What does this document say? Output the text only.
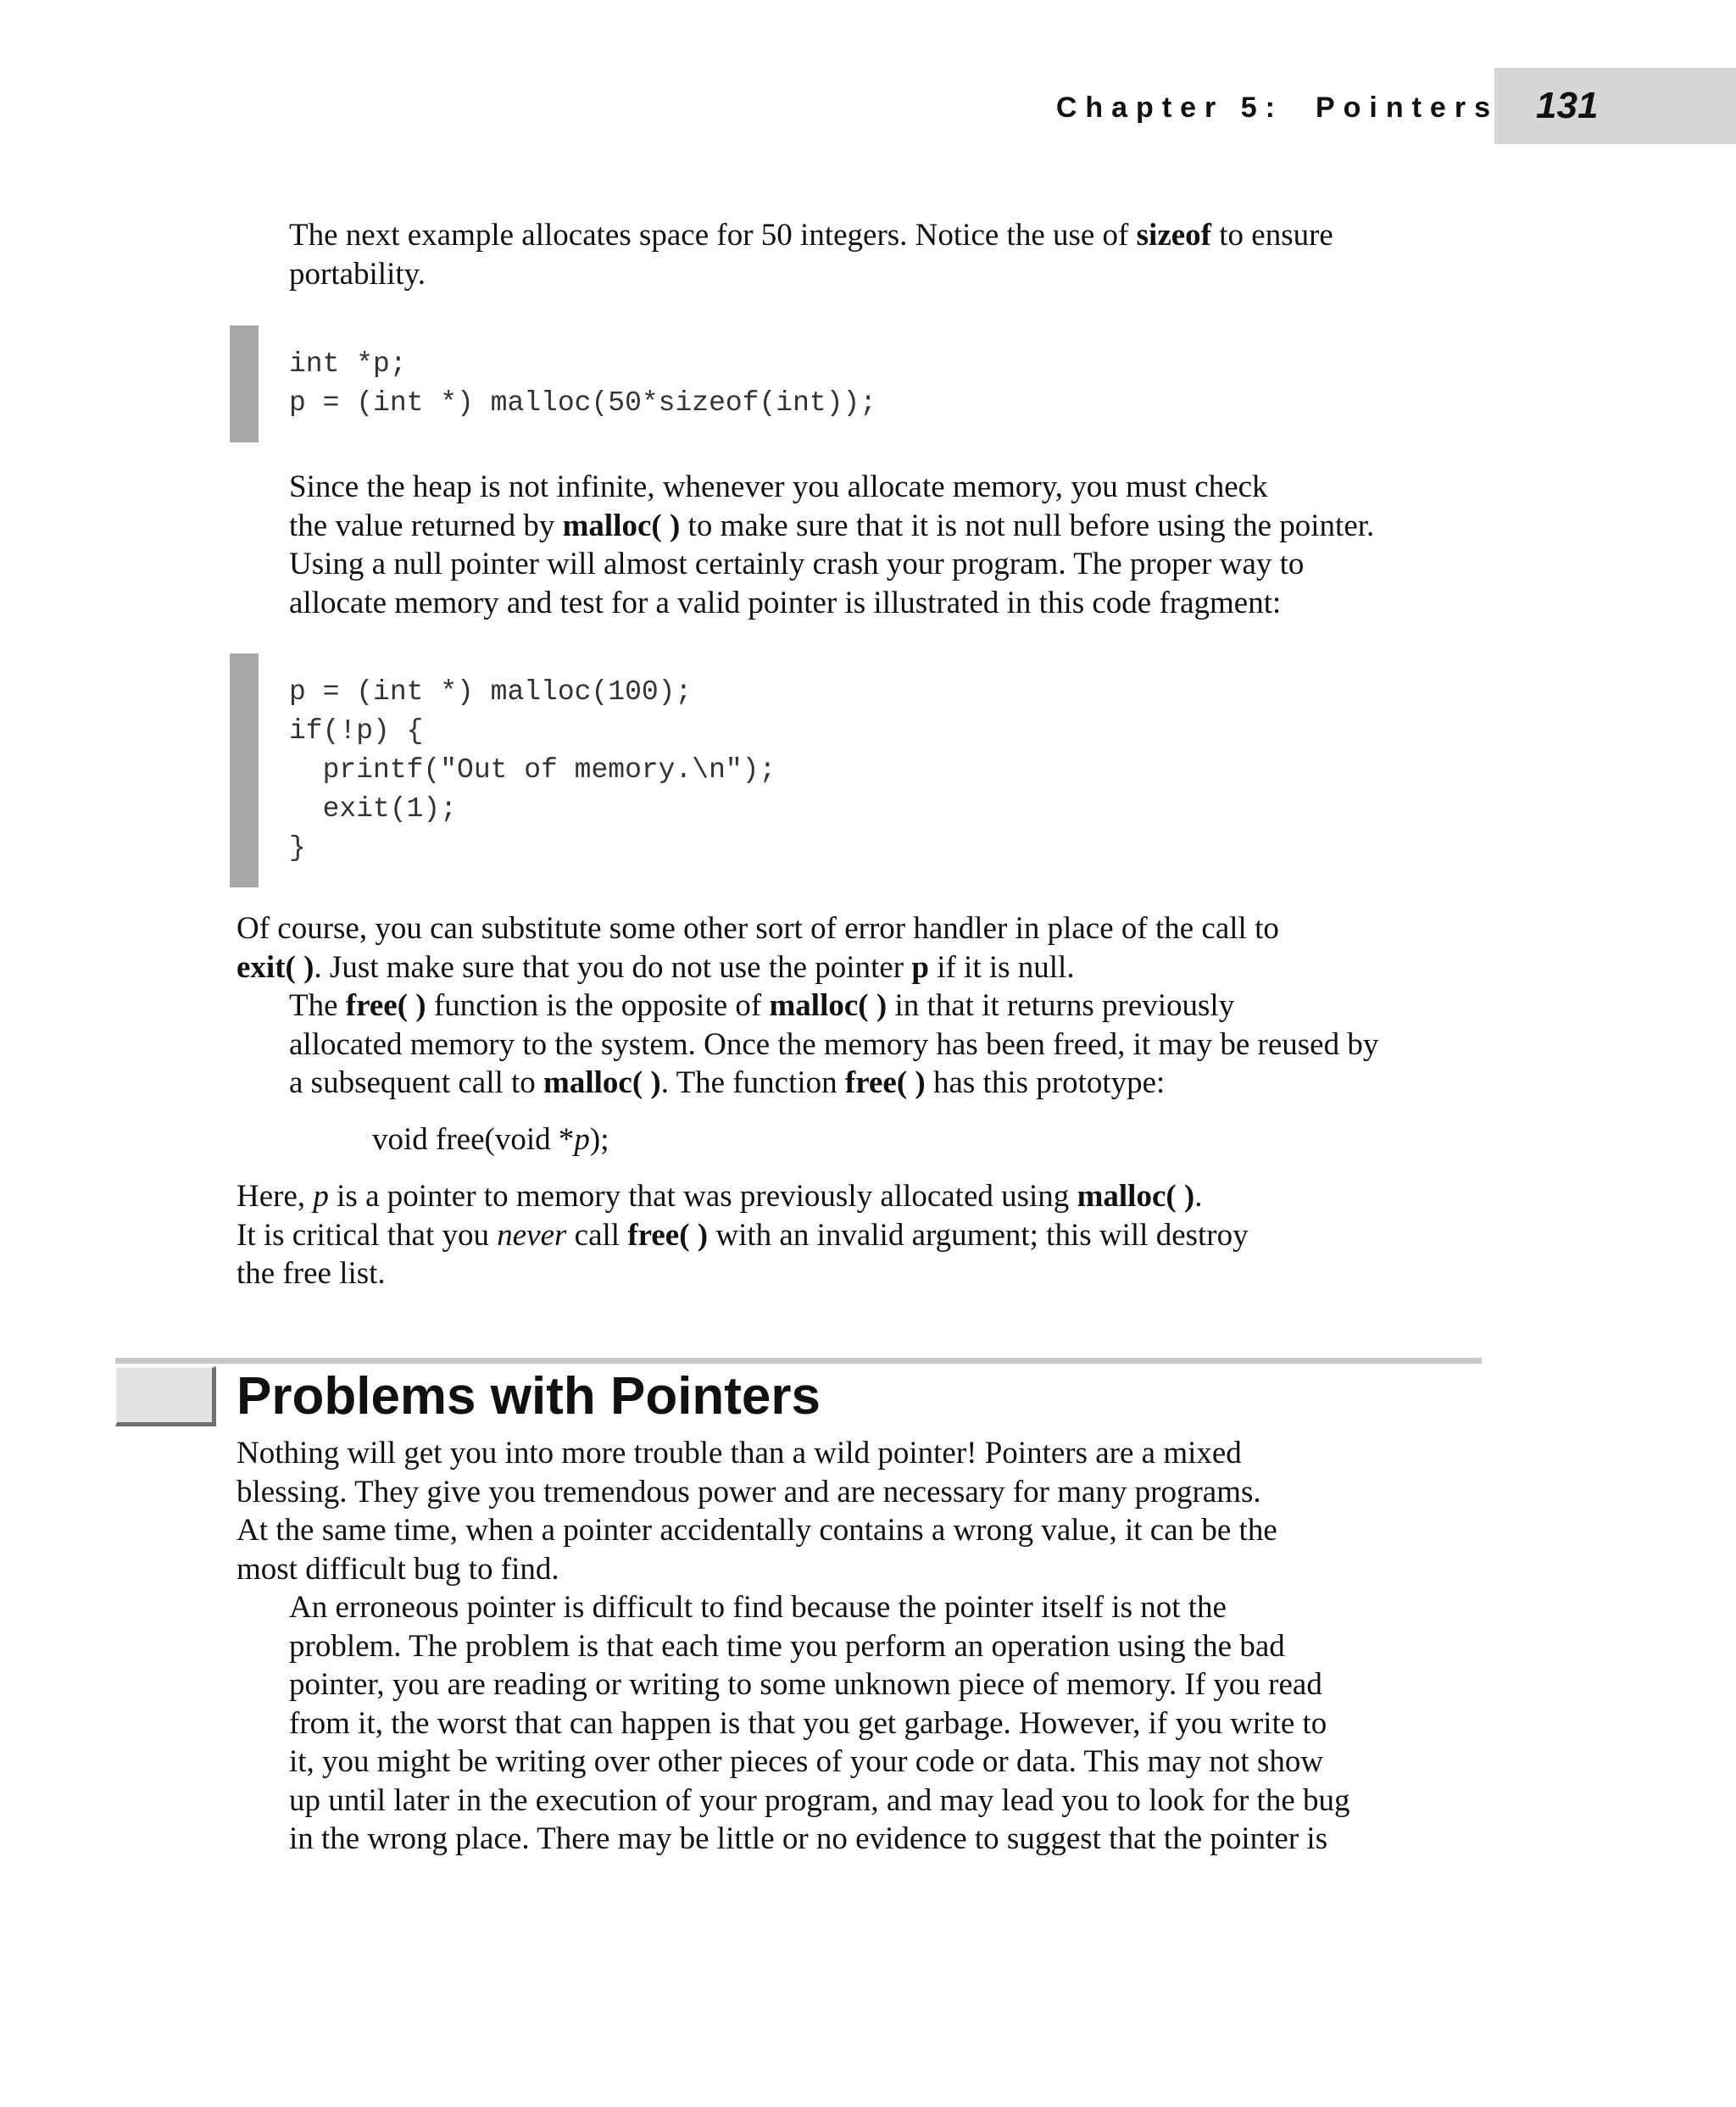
Chapter 5: Pointers 131

The next example allocates space for 50 integers. Notice the use of sizeof to ensure
portability.

int *p;
p = (int *) malloc(50*sizeof(int));

Since the heap is not infinite, whenever you allocate memory, you must check
the value returned by malloc( ) to make sure that it is not null before using the pointer.
Using a null pointer will almost certainly crash your program. The proper way to
allocate memory and test for a valid pointer is illustrated in this code fragment:

p = (int *) malloc(100);
if(!p) {
printf("Out of memory.\n");
exit(1);
}

Of course, you can substitute some other sort of error handler in place of the call to
exit( ). Just make sure that you do not use the pointer p if it is null.

The free( ) function is the opposite of malloc( ) in that it returns previously
allocated memory to the system. Once the memory has been freed, it may be reused by
a subsequent call to malloc( ). The function free( ) has this prototype:

void free(void *p);

Here, p is a pointer to memory that was previously allocated using malloc( ).
It is critical that you never call free( ) with an invalid argument; this will destroy
the free list.

Problems with Pointers

Nothing will get you into more trouble than a wild pointer! Pointers are a mixed
blessing. They give you tremendous power and are necessary for many programs.
At the same time, when a pointer accidentally contains a wrong value, it can be the
most difficult bug to find.

An erroneous pointer is difficult to find because the pointer itself is not the
problem. The problem is that each time you perform an operation using the bad
pointer, you are reading or writing to some unknown piece of memory. If you read
from it, the worst that can happen is that you get garbage. However, if you write to
it, you might be writing over other pieces of your code or data. This may not show
up until later in the execution of your program, and may lead you to look for the bug
in the wrong place. There may be little or no evidence to suggest that the pointer is
